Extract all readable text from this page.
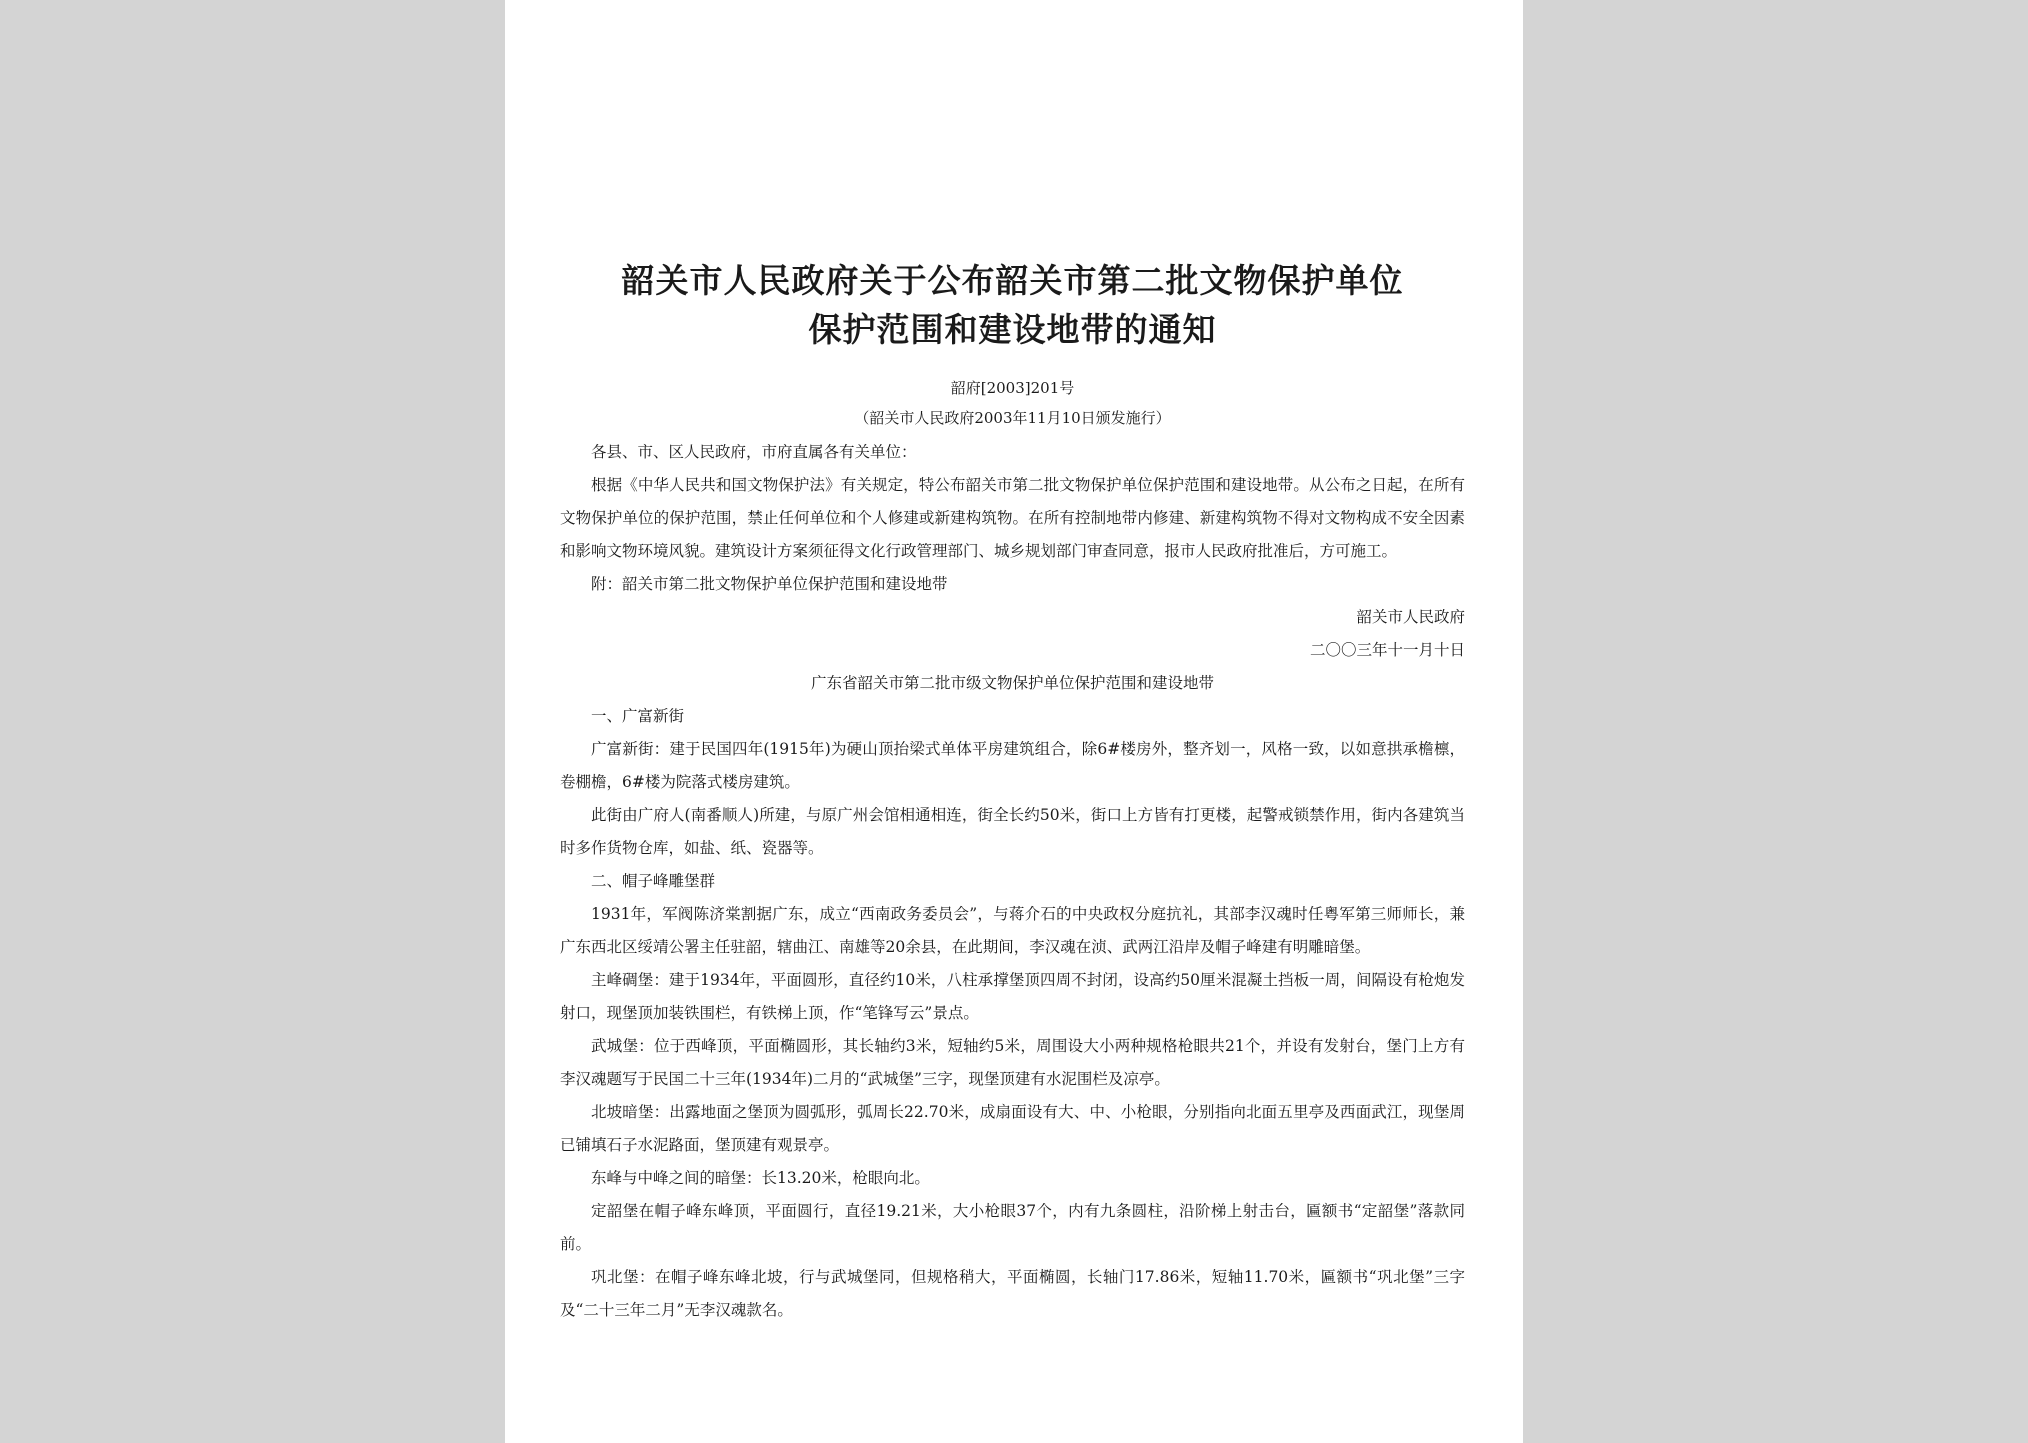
韶关市人民政府关于公布韶关市第二批文物保护单位
保护范围和建设地带的通知
韶府[2003]201号
（韶关市人民政府2003年11月10日颁发施行）

各县、市、区人民政府，市府直属各有关单位：

根据《中华人民共和国文物保护法》有关规定，特公布韶关市第二批文物保护单位保护范围和建设地带。从公布之日起，在所有文物保护单位的保护范围，禁止任何单位和个人修建或新建构筑物。在所有控制地带内修建、新建构筑物不得对文物构成不安全因素和影响文物环境风貌。建筑设计方案须征得文化行政管理部门、城乡规划部门审查同意，报市人民政府批准后，方可施工。

附：韶关市第二批文物保护单位保护范围和建设地带

韶关市人民政府

二〇〇三年十一月十日

广东省韶关市第二批市级文物保护单位保护范围和建设地带

一、广富新街

广富新街：建于民国四年(1915年)为硬山顶抬梁式单体平房建筑组合，除6#楼房外，整齐划一，风格一致，以如意拱承檐檩，卷棚檐，6#楼为院落式楼房建筑。

此街由广府人(南番顺人)所建，与原广州会馆相通相连，街全长约50米，街口上方皆有打更楼，起警戒锁禁作用，街内各建筑当时多作货物仓库，如盐、纸、瓷器等。

二、帽子峰雕堡群

1931年，军阀陈济棠割据广东，成立“西南政务委员会”，与蒋介石的中央政权分庭抗礼，其部李汉魂时任粤军第三师师长，兼广东西北区绥靖公署主任驻韶，辖曲江、南雄等20余县，在此期间，李汉魂在浈、武两江沿岸及帽子峰建有明雕暗堡。

主峰碉堡：建于1934年，平面圆形，直径约10米，八柱承撑堡顶四周不封闭，设高约50厘米混凝土挡板一周，间隔设有枪炮发射口，现堡顶加装铁围栏，有铁梯上顶，作“笔锋写云”景点。

武城堡：位于西峰顶，平面椭圆形，其长轴约3米，短轴约5米，周围设大小两种规格枪眼共21个，并设有发射台，堡门上方有李汉魂题写于民国二十三年(1934年)二月的“武城堡”三字，现堡顶建有水泥围栏及凉亭。

北坡暗堡：出露地面之堡顶为圆弧形，弧周长22.70米，成扇面设有大、中、小枪眼，分别指向北面五里亭及西面武江，现堡周已铺填石子水泥路面，堡顶建有观景亭。

东峰与中峰之间的暗堡：长13.20米，枪眼向北。

定韶堡在帽子峰东峰顶，平面圆行，直径19.21米，大小枪眼37个，内有九条圆柱，沿阶梯上射击台，匾额书“定韶堡”落款同前。

巩北堡：在帽子峰东峰北坡，行与武城堡同，但规格稍大，平面椭圆，长轴门17.86米，短轴11.70米，匾额书“巩北堡”三字及“二十三年二月”无李汉魂款名。
